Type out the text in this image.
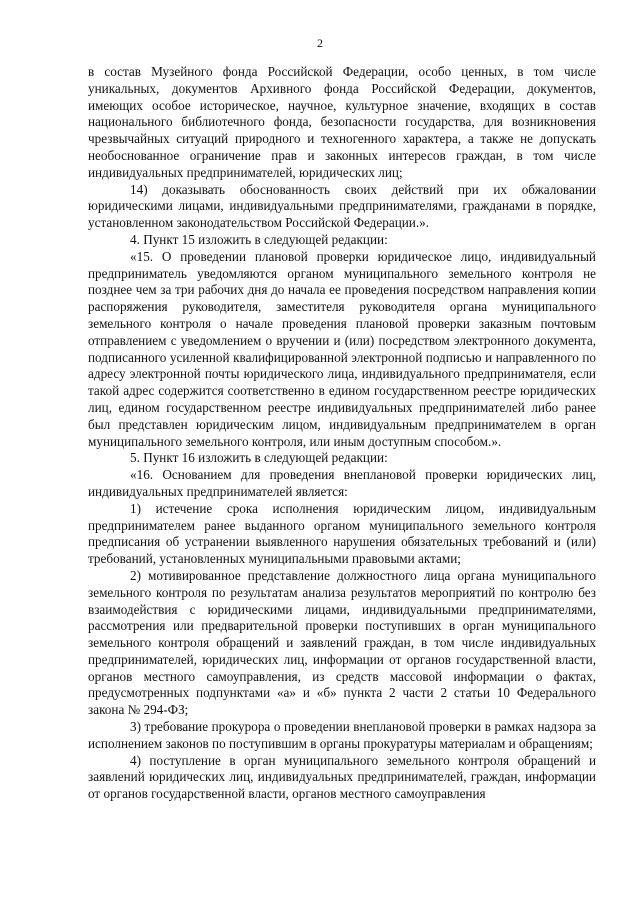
2

в состав Музейного фонда Российской Федерации, особо ценных, в том числе уникальных, документов Архивного фонда Российской Федерации, документов, имеющих особое историческое, научное, культурное значение, входящих в состав национального библиотечного фонда, безопасности государства, для возникновения чрезвычайных ситуаций природного и техногенного характера, а также не допускать необоснованное ограничение прав и законных интересов граждан, в том числе индивидуальных предпринимателей, юридических лиц;

14) доказывать обоснованность своих действий при их обжаловании юридическими лицами, индивидуальными предпринимателями, гражданами в порядке, установленном законодательством Российской Федерации.».

4. Пункт 15 изложить в следующей редакции:

«15. О проведении плановой проверки юридическое лицо, индивидуальный предприниматель уведомляются органом муниципального земельного контроля не позднее чем за три рабочих дня до начала ее проведения посредством направления копии распоряжения руководителя, заместителя руководителя органа муниципального земельного контроля о начале проведения плановой проверки заказным почтовым отправлением с уведомлением о вручении и (или) посредством электронного документа, подписанного усиленной квалифицированной электронной подписью и направленного по адресу электронной почты юридического лица, индивидуального предпринимателя, если такой адрес содержится соответственно в едином государственном реестре юридических лиц, едином государственном реестре индивидуальных предпринимателей либо ранее был представлен юридическим лицом, индивидуальным предпринимателем в орган муниципального земельного контроля, или иным доступным способом.».

5. Пункт 16 изложить в следующей редакции:

«16. Основанием для проведения внеплановой проверки юридических лиц, индивидуальных предпринимателей является:

1) истечение срока исполнения юридическим лицом, индивидуальным предпринимателем ранее выданного органом муниципального земельного контроля предписания об устранении выявленного нарушения обязательных требований и (или) требований, установленных муниципальными правовыми актами;

2) мотивированное представление должностного лица органа муниципального земельного контроля по результатам анализа результатов мероприятий по контролю без взаимодействия с юридическими лицами, индивидуальными предпринимателями, рассмотрения или предварительной проверки поступивших в орган муниципального земельного контроля обращений и заявлений граждан, в том числе индивидуальных предпринимателей, юридических лиц, информации от органов государственной власти, органов местного самоуправления, из средств массовой информации о фактах, предусмотренных подпунктами «а» и «б» пункта 2 части 2 статьи 10 Федерального закона № 294-ФЗ;

3) требование прокурора о проведении внеплановой проверки в рамках надзора за исполнением законов по поступившим в органы прокуратуры материалам и обращениям;

4) поступление в орган муниципального земельного контроля обращений и заявлений юридических лиц, индивидуальных предпринимателей, граждан, информации от органов государственной власти, органов местного самоуправления
